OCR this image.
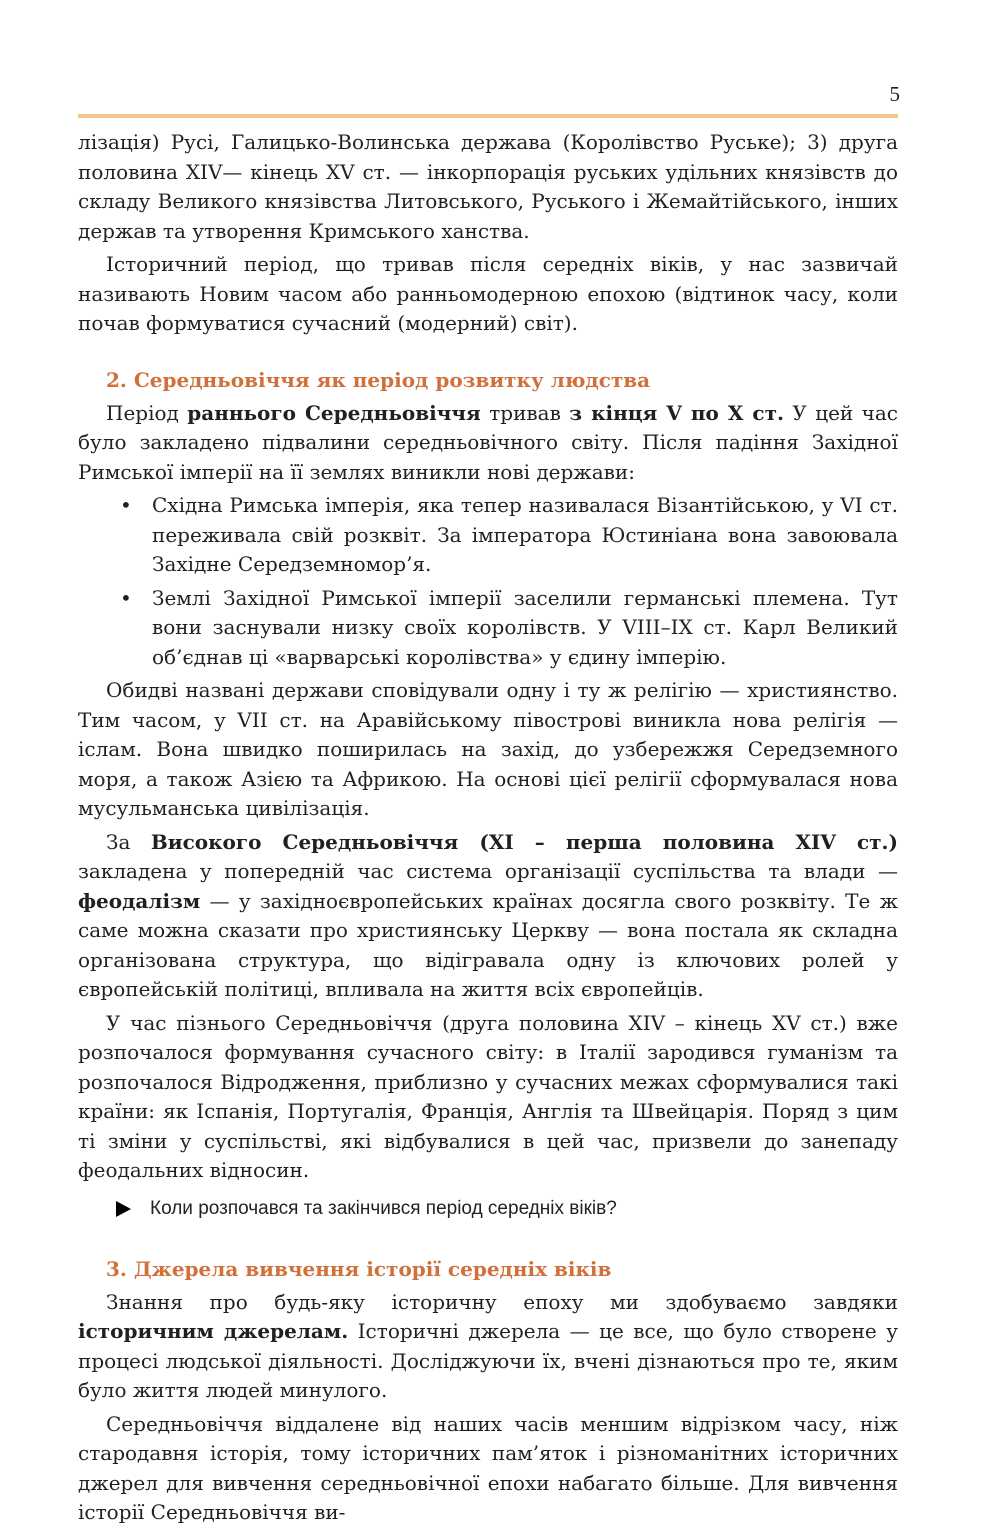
5

лізація) Русі, Галицько-Волинська держава (Королівство Руське); 3) друга половина XIV— кінець XV ст. — інкорпорація руських удільних князівств до складу Великого князівства Литовського, Руського і Жемайтійського, інших держав та утворення Кримського ханства.

Історичний період, що тривав після середніх віків, у нас зазвичай називають Новим часом або ранньомодерною епохою (відтинок часу, коли почав формуватися сучасний (модерний) світ).

2. Середньовіччя як період розвитку людства

Період раннього Середньовіччя тривав з кінця V по X ст. У цей час було закладено підвалини середньовічного світу. Після падіння Західної Римської імперії на її землях виникли нові держави:

• Східна Римська імперія, яка тепер називалася Візантійською, у VI ст. переживала свій розквіт. За імператора Юстиніана вона завоювала Західне Середземномор’я.
• Землі Західної Римської імперії заселили германські племена. Тут вони заснували низку своїх королівств. У VIII–IX ст. Карл Великий об’єднав ці «варварські королівства» у єдину імперію.

Обидві названі держави сповідували одну і ту ж релігію — християнство. Тим часом, у VII ст. на Аравійському півострові виникла нова релігія — іслам. Вона швидко поширилась на захід, до узбережжя Середземного моря, а також Азією та Африкою. На основі цієї релігії сформувалася нова мусульманська цивілізація.

За Високого Середньовіччя (XI – перша половина XIV ст.) закладена у попередній час система організації суспільства та влади — феодалізм — у західноєвропейських країнах досягла свого розквіту. Те ж саме можна сказати про християнську Церкву — вона постала як складна організована структура, що відігравала одну із ключових ролей у європейській політиці, впливала на життя всіх європейців.

У час пізнього Середньовіччя (друга половина XIV – кінець XV ст.) вже розпочалося формування сучасного світу: в Італії зародився гуманізм та розпочалося Відродження, приблизно у сучасних межах сформувалися такі країни: як Іспанія, Португалія, Франція, Англія та Швейцарія. Поряд з цим ті зміни у суспільстві, які відбувалися в цей час, призвели до занепаду феодальних відносин.

Коли розпочався та закінчився період середніх віків?
3. Джерела вивчення історії середніх віків

Знання про будь-яку історичну епоху ми здобуваємо завдяки історичним джерелам. Історичні джерела — це все, що було створене у процесі людської діяльності. Досліджуючи їх, вчені дізнаються про те, яким було життя людей минулого.

Середньовіччя віддалене від наших часів меншим відрізком часу, ніж стародавня історія, тому історичних пам’яток і різноманітних історичних джерел для вивчення середньовічної епохи набагато більше. Для вивчення історії Середньовіччя ви-
